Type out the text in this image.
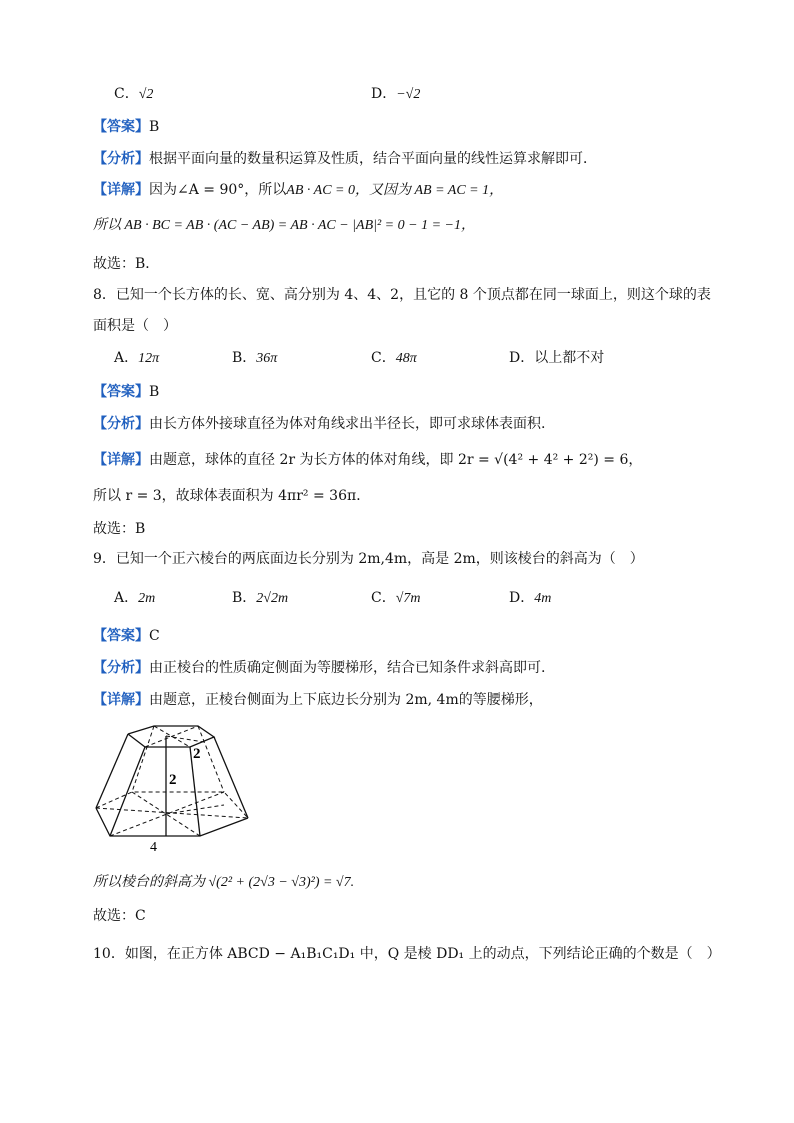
C．√2	D．−√2
【答案】B
【分析】根据平面向量的数量积运算及性质，结合平面向量的线性运算求解即可．
【详解】因为∠A = 90°，所以AB · AC = 0，又因为 AB = AC = 1，
所以 AB · BC = AB · (AC − AB) = AB · AC − |AB|² = 0 − 1 = −1，
故选：B．
8．已知一个长方体的长、宽、高分别为 4、4、2，且它的 8 个顶点都在同一球面上，则这个球的表
面积是（　）
A．12π	B．36π	C．48π	D．以上都不对
【答案】B
【分析】由长方体外接球直径为体对角线求出半径长，即可求球体表面积.
【详解】由题意，球体的直径 2r 为长方体的体对角线，即 2r = √(4² + 4² + 2²) = 6，
所以 r = 3，故球体表面积为 4πr² = 36π．
故选：B
9．已知一个正六棱台的两底面边长分别为 2m,4m，高是 2m，则该棱台的斜高为（　）
A．2m	B．2√2m	C．√7m	D．4m
【答案】C
【分析】由正棱台的性质确定侧面为等腰梯形，结合已知条件求斜高即可.
【详解】由题意，正棱台侧面为上下底边长分别为 2m, 4m的等腰梯形，
2
2
4
所以棱台的斜高为 √(2² + (2√3 − √3)²) = √7.
故选：C
10．如图，在正方体 ABCD − A₁B₁C₁D₁ 中，Q 是棱 DD₁ 上的动点，下列结论正确的个数是（　）
